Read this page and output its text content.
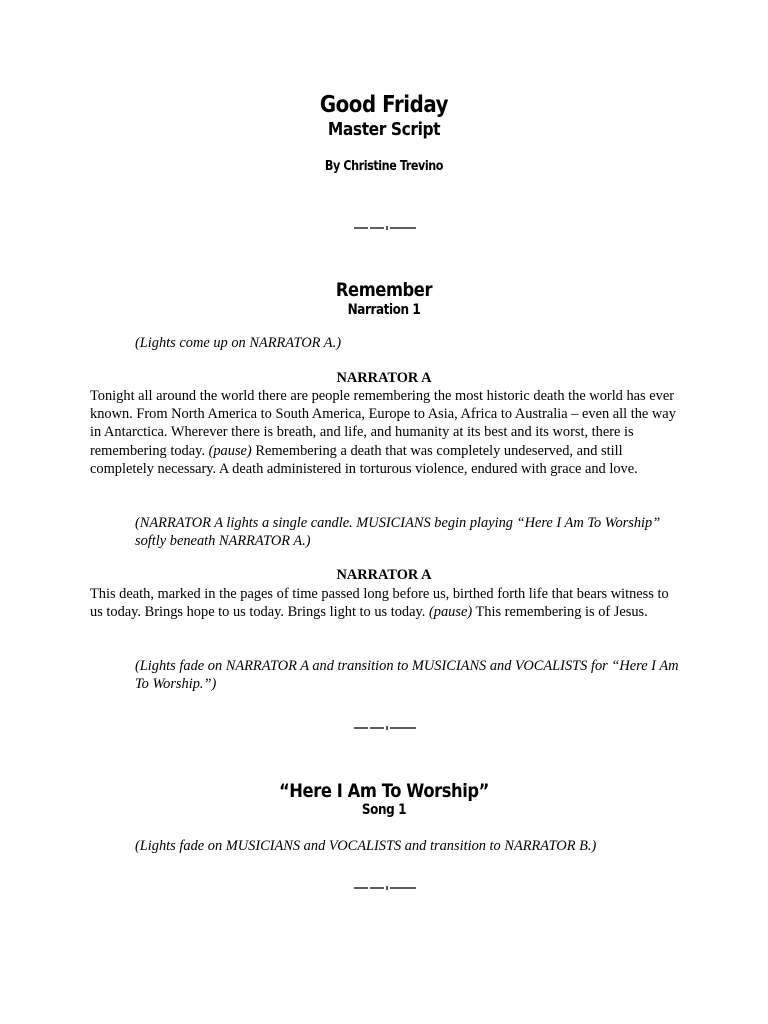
Good Friday
Master Script
By Christine Trevino
Remember
Narration 1
(Lights come up on NARRATOR A.)
NARRATOR A
Tonight all around the world there are people remembering the most historic death the world has ever known. From North America to South America, Europe to Asia, Africa to Australia – even all the way in Antarctica. Wherever there is breath, and life, and humanity at its best and its worst, there is remembering today. (pause) Remembering a death that was completely undeserved, and still completely necessary. A death administered in torturous violence, endured with grace and love.
(NARRATOR A lights a single candle. MUSICIANS begin playing “Here I Am To Worship” softly beneath NARRATOR A.)
NARRATOR A
This death, marked in the pages of time passed long before us, birthed forth life that bears witness to us today. Brings hope to us today. Brings light to us today. (pause) This remembering is of Jesus.
(Lights fade on NARRATOR A and transition to MUSICIANS and VOCALISTS for “Here I Am To Worship.”)
“Here I Am To Worship”
Song 1
(Lights fade on MUSICIANS and VOCALISTS and transition to NARRATOR B.)
